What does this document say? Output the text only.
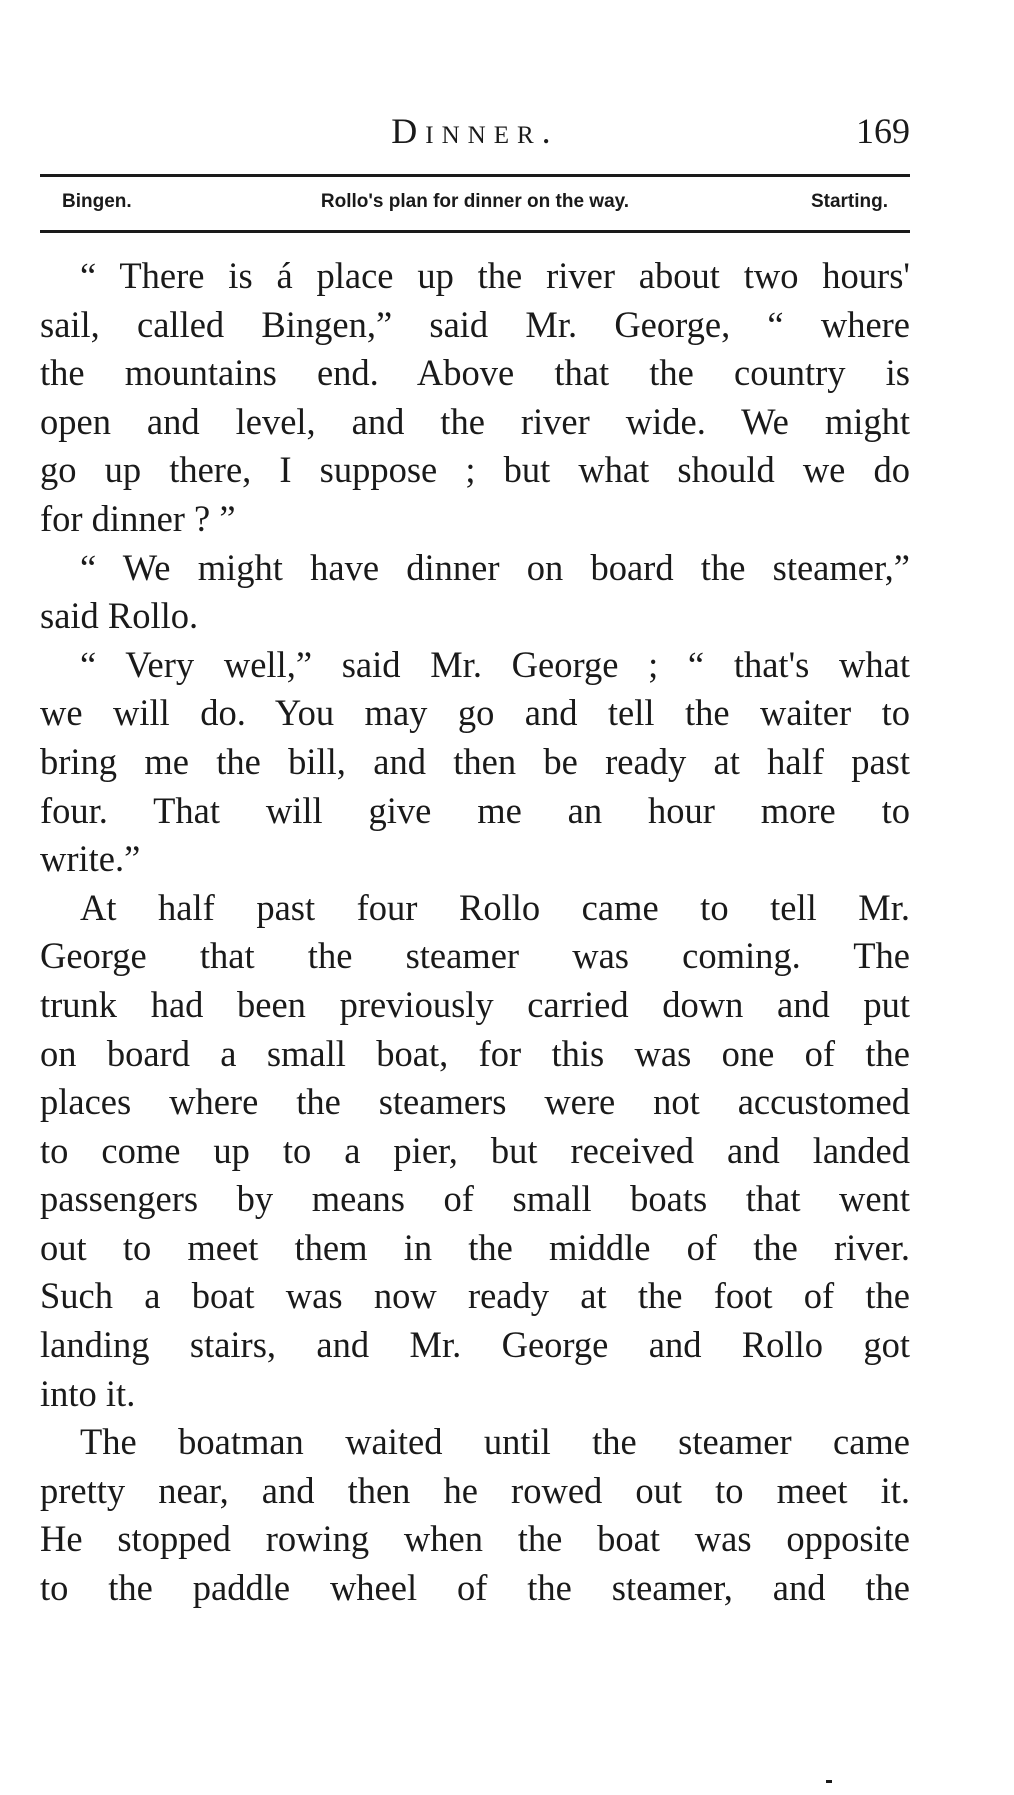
Dinner.	169
Bingen.	Rollo's plan for dinner on the way.	Starting.

“ There is á place up the river about two hours'
sail, called Bingen,” said Mr. George, “ where
the mountains end. Above that the country is
open and level, and the river wide. We might
go up there, I suppose ; but what should we do
for dinner ? ”

“ We might have dinner on board the steamer,”
said Rollo.

“ Very well,” said Mr. George ; “ that's what
we will do. You may go and tell the waiter to
bring me the bill, and then be ready at half past
four. That will give me an hour more to
write.”

At half past four Rollo came to tell Mr.
George that the steamer was coming. The
trunk had been previously carried down and put
on board a small boat, for this was one of the
places where the steamers were not accustomed
to come up to a pier, but received and landed
passengers by means of small boats that went
out to meet them in the middle of the river.
Such a boat was now ready at the foot of the
landing stairs, and Mr. George and Rollo got
into it.

The boatman waited until the steamer came
pretty near, and then he rowed out to meet it.
He stopped rowing when the boat was opposite
to the paddle wheel of the steamer, and the
